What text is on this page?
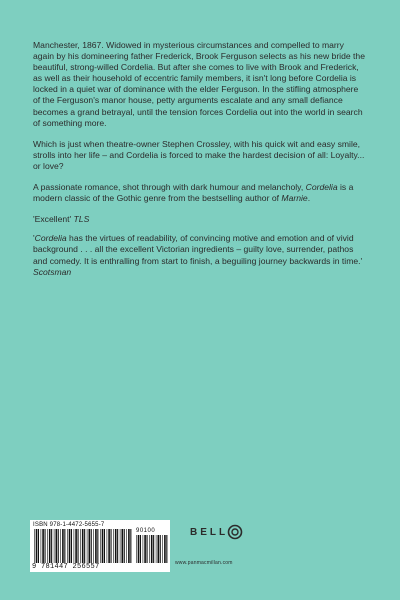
Manchester, 1867. Widowed in mysterious circumstances and compelled to marry again by his domineering father Frederick, Brook Ferguson selects as his new bride the beautiful, strong-willed Cordelia. But after she comes to live with Brook and Frederick, as well as their household of eccentric family members, it isn't long before Cordelia is locked in a quiet war of dominance with the elder Ferguson. In the stifling atmosphere of the Ferguson's manor house, petty arguments escalate and any small defiance becomes a grand betrayal, until the tension forces Cordelia out into the world in search of something more.

Which is just when theatre-owner Stephen Crossley, with his quick wit and easy smile, strolls into her life – and Cordelia is forced to make the hardest decision of all: Loyalty... or love?

A passionate romance, shot through with dark humour and melancholy, Cordelia is a modern classic of the Gothic genre from the bestselling author of Marnie.

'Excellent' TLS

'Cordelia has the virtues of readability, of convincing motive and emotion and of vivid background . . . all the excellent Victorian ingredients – guilty love, surrender, pathos and comedy. It is enthralling from start to finish, a beguiling journey backwards in time.' Scotsman

ISBN 978-1-4472-5655-7
90100
9 781447 256557
BELL
www.panmacmillan.com
